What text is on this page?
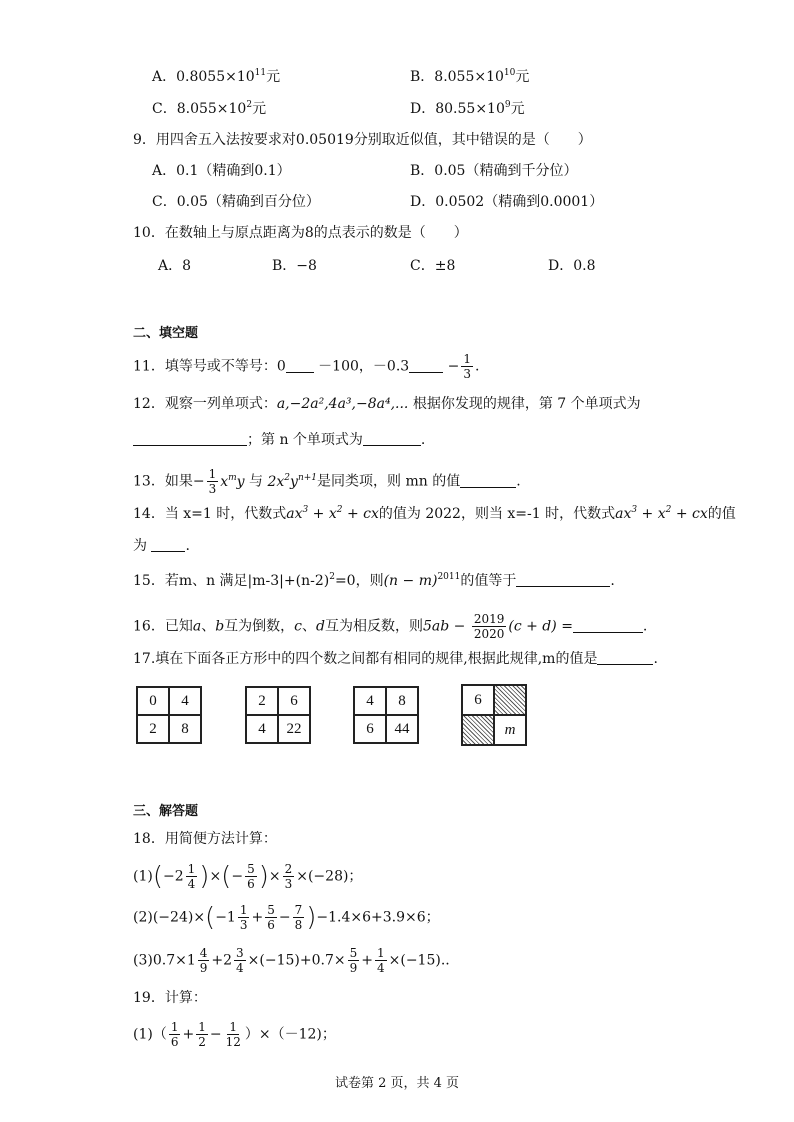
A．$0.8055\times 10^{11}$元	B．$8.055\times 10^{10}$元
C．$8.055\times 10^2$元	D．$80.55\times 10^9$元
9．用四舍五入法按要求对0.05019分别取近似值，其中错误的是（　　）
A．0.1（精确到0.1）	B．0.05（精确到千分位）
C．0.05（精确到百分位）	D．0.0502（精确到0.0001）
10．在数轴上与原点距离为8的点表示的数是（　　）
A．8	B．−8	C．±8	D．0.8
二、填空题
11．填等号或不等号：0 －100，－0.3	− $\frac{1}{3}$ .
12．观察一列单项式：a,−2a²,4a³,−8a⁴,... 根据你发现的规律，第 7 个单项式为
；第 n 个单项式为	.
13．如果− $\frac{1}{3} x^my$ 与 $2x^2y^{n+1}$是同类项，则 mn 的值	.
14．当 x=1 时，代数式$ax^3 + x^2$ + cx的值为 2022，则当 x=-1 时，代数式$ax^3 + x^2$ + cx的值
为	.
15．若m、n 满足$|m-3|+(n-2)^2=0$，则$(n - m)^{2011}$的值等于	.
16．已知a、b互为倒数，c、d互为相反数，则$5ab - \frac{2019}{2020} (c + d)$ =	.
17.填在下面各正方形中的四个数之间都有相同的规律,根据此规律,m的值是	.
0	4
2	8
2	6
4	22
4	8
6	44
6	
	m
三、解答题
18．用简便方法计算：
$(1)(-2 \frac{1}{4}$ )×(− $\frac{5}{6}$ )× $\frac{2}{3} \times(-28)$；
$(2)(-24)\times(-1 \frac{1}{3} + \frac{5}{6} - \frac{7}{8} )-1.4\times 6+3.9\times 6$；
$(3)0.7\times 1 \frac{4}{9} +2 \frac{3}{4} \times(-15)+0.7\times \frac{5}{9} + \frac{1}{4} \times(-15)$..
19．计算：
$(1)( \frac{1}{6} + \frac{1}{2} - \frac{1}{12} )\times(-12)$；
试卷第 2 页，共 4 页
